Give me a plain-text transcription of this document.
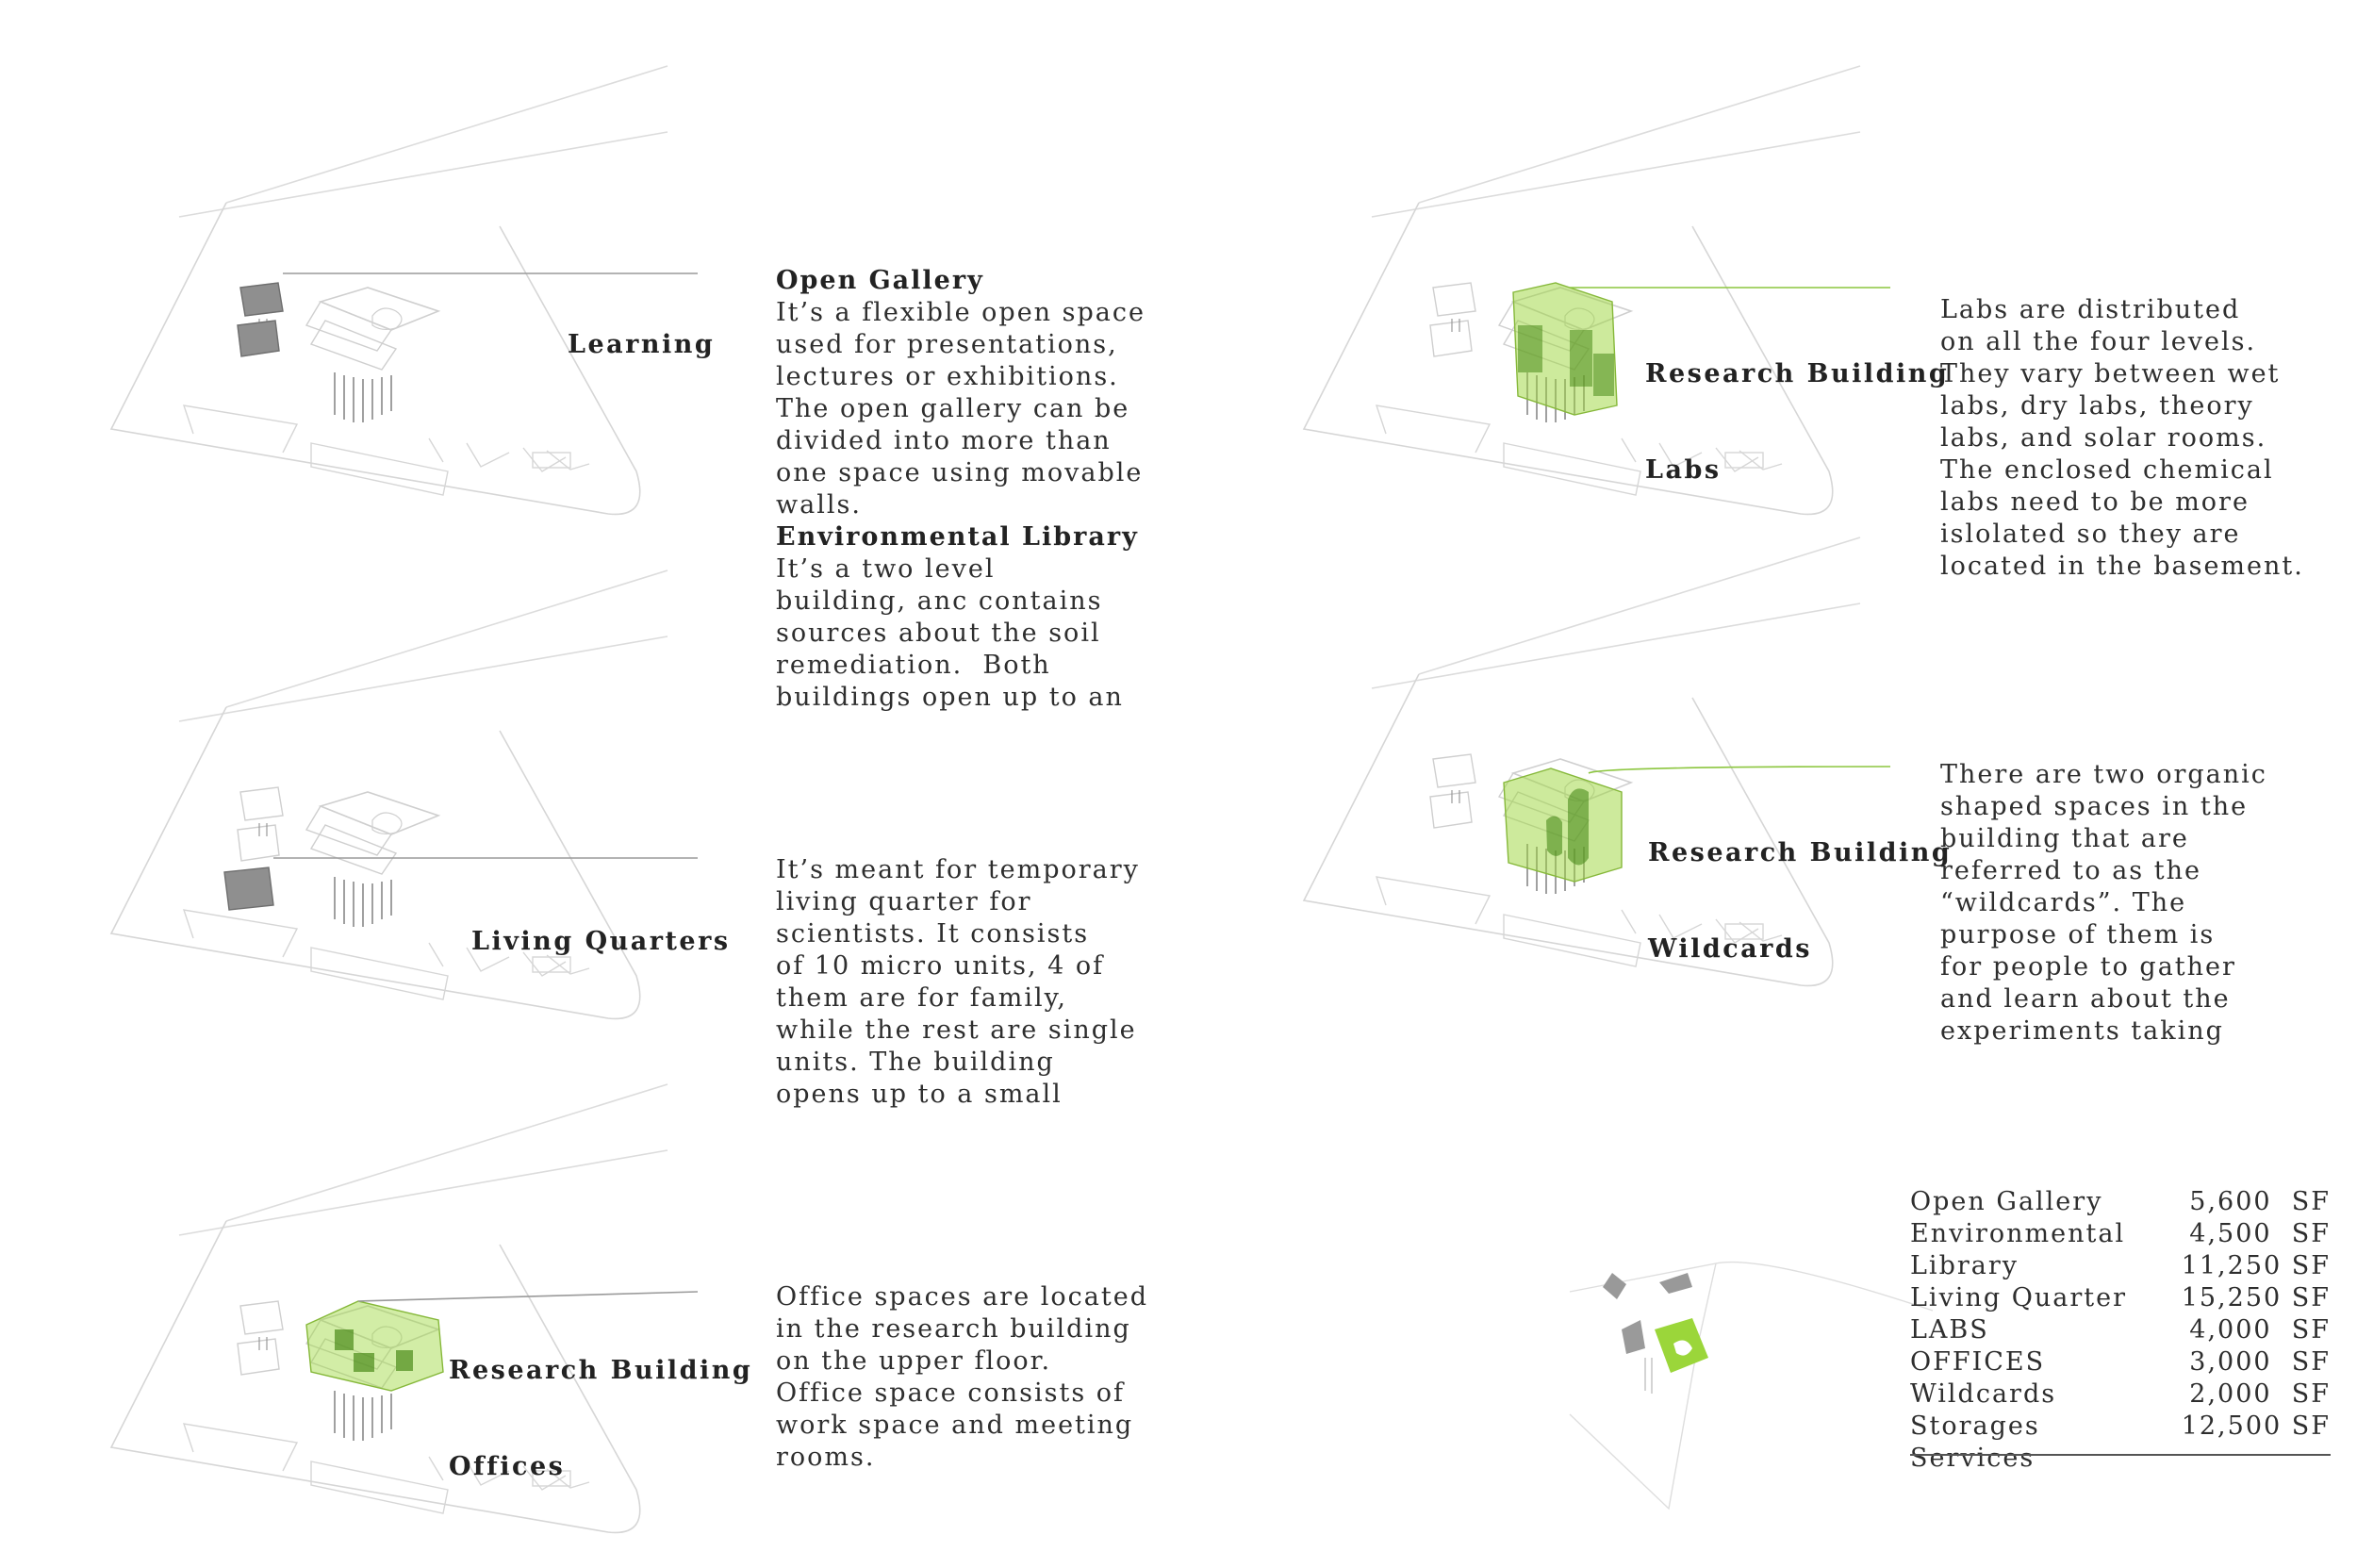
Learning

Living Quarters

Research Building

Offices

Research Building

Labs

Research Building

Wildcards

Open Gallery
It’s a flexible open space
used for presentations,
lectures or exhibitions.
The open gallery can be
divided into more than
one space using movable
walls.
Environmental Library
It’s a two level
building, anc contains
sources about the soil
remediation.  Both
buildings open up to an
It’s meant for temporary
living quarter for
scientists. It consists
of 10 micro units, 4 of
them are for family,
while the rest are single
units. The building
opens up to a small
Office spaces are located
in the research building
on the upper floor.
Office space consists of
work space and meeting
rooms.
Labs are distributed
on all the four levels.
They vary between wet
labs, dry labs, theory
labs, and solar rooms.
The enclosed chemical
labs need to be more
islolated so they are
located in the basement.
There are two organic
shaped spaces in the
building that are
referred to as the
“wildcards”. The
purpose of them is
for people to gather
and learn about the
experiments taking
Open Gallery	5,600  SF
Environmental	4,500  SF
Library	11,250 SF
Living Quarter 15,250 SF
LABS	4,000  SF
OFFICES	3,000  SF
Wildcards	2,000  SF
Storages	12,500 SF
Services
